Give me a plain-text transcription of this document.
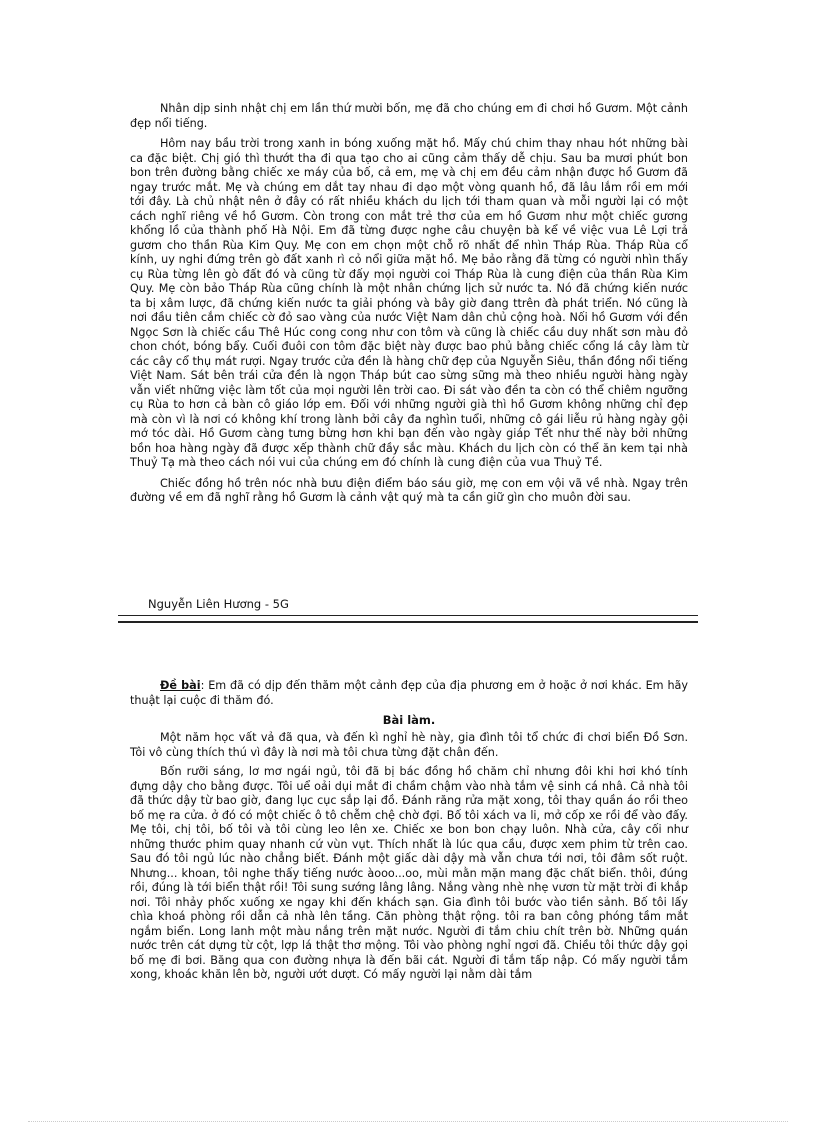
Nhân dịp sinh nhật chị em lần thứ mười bốn, mẹ đã cho chúng em đi chơi hồ Gươm. Một cảnh đẹp nổi tiếng.

Hôm nay bầu trời trong xanh in bóng xuống mặt hồ. Mấy chú chim thay nhau hót những bài ca đặc biệt. Chị gió thì thướt tha đi qua tạo cho ai cũng cảm thấy dễ chịu. Sau ba mươi phút bon bon trên đường bằng chiếc xe máy của bố, cả em, mẹ và chị em đều cảm nhận được hồ Gươm đã ngay trước mắt. Mẹ và chúng em dắt tay nhau đi dạo một vòng quanh hồ, đã lâu lắm rồi em mới tới đây. Là chủ nhật nên ở đây có rất nhiều khách du lịch tới tham quan và mỗi người lại có một cách nghĩ riêng về hồ Gươm. Còn trong con mắt trẻ thơ của em hồ Gươm như một chiếc gương khổng lồ của thành phố Hà Nội. Em đã từng được nghe câu chuyện bà kể về việc vua Lê Lợi trả gươm cho thần Rùa Kim Quy. Mẹ con em chọn một chỗ rõ nhất để nhìn Tháp Rùa. Tháp Rùa cổ kính, uy nghi đứng trên gò đất xanh rì cỏ nổi giữa mặt hồ. Mẹ bảo rằng đã từng có người nhìn thấy cụ Rùa từng lên gò đất đó và cũng từ đấy mọi người coi Tháp Rùa là cung điện của thần Rùa Kim Quy. Mẹ còn bảo Tháp Rùa cũng chính là một nhân chứng lịch sử nước ta. Nó đã chứng kiến nước ta bị xâm lược, đã chứng kiến nước ta giải phóng và bây giờ đang ttrên đà phát triển. Nó cũng là nơi đầu tiên cắm chiếc cờ đỏ sao vàng của nước Việt Nam dân chủ cộng hoà. Nối hồ Gươm với đền Ngọc Sơn là chiếc cầu Thê Húc cong cong như con tôm và cũng là chiếc cầu duy nhất sơn màu đỏ chon chót, bóng bẩy. Cuối đuôi con tôm đặc biệt này được bao phủ bằng chiếc cổng lá cây làm từ các cây cổ thụ mát rượi. Ngay trước cửa đền là hàng chữ đẹp của Nguyễn Siêu, thần đồng nổi tiếng Việt Nam. Sát bên trái cửa đền là ngọn Tháp bút cao sừng sững mà theo nhiều người hàng ngày vẫn viết những việc làm tốt của mọi người lên trời cao. Đi sát vào đền ta còn có thể chiêm ngưỡng cụ Rùa to hơn cả bàn cô giáo lớp em. Đối với những người già thì hồ Gươm không những chỉ đẹp mà còn vì là nơi có không khí trong lành bởi cây đa nghìn tuổi, những cô gái liễu rủ hàng ngày gội mớ tóc dài. Hồ Gươm càng tưng bừng hơn khi bạn đến vào ngày giáp Tết như thế này bởi những bồn hoa hàng ngày đã được xếp thành chữ đầy sắc màu. Khách du lịch còn có thể ăn kem tại nhà Thuỷ Tạ mà theo cách nói vui của chúng em đó chính là cung điện của vua Thuỷ Tề.

Chiếc đồng hồ trên nóc nhà bưu điện điểm báo sáu giờ, mẹ con em vội vã về nhà. Ngay trên đường về em đã nghĩ rằng hồ Gươm là cảnh vật quý mà ta cần giữ gìn cho muôn đời sau.

Nguyễn Liên Hương - 5G

Đề bài: Em đã có dịp đến thăm một cảnh đẹp của địa phương em ở hoặc ở nơi khác. Em hãy thuật lại cuộc đi thăm đó.

Bài làm.

Một năm học vất vả đã qua, và đến kì nghỉ hè này, gia đình tôi tổ chức đi chơi biển Đồ Sơn. Tôi vô cùng thích thú vì đây là nơi mà tôi chưa từng đặt chân đến.

Bốn rưỡi sáng, lơ mơ ngái ngủ, tôi đã bị bác đồng hồ chăm chỉ nhưng đôi khi hơi khó tính đựng dậy cho bằng được. Tôi uể oải dụi mắt đi chầm chậm vào nhà tắm vệ sinh cá nhâ. Cả nhà tôi đã thức dậy từ bao giờ, đang lục cục sắp lại đồ. Đánh răng rửa mặt xong, tôi thay quần áo rồi theo bố mẹ ra cửa. ở đó có một chiếc ô tô chễm chệ chờ đợi. Bố tôi xách va li, mở cốp xe rồi để vào đấy. Mẹ tôi, chị tôi, bố tôi và tôi cùng leo lên xe. Chiếc xe bon bon chạy luôn. Nhà cửa, cây cối như những thước phim quay nhanh cứ vùn vụt. Thích nhất là lúc qua cầu, được xem phim từ trên cao. Sau đó tôi ngủ lúc nào chẳng biết. Đánh một giấc dài dậy mà vẫn chưa tới nơi, tôi đâm sốt ruột. Nhưng... khoan, tôi nghe thấy tiếng nước àooo...oo, mùi mằn mặn mang đặc chất biển. thôi, đúng rồi, đúng là tới biển thật rồi! Tôi sung sướng lâng lâng. Nắng vàng nhè nhẹ vươn từ mặt trời đi khắp nơi. Tôi nhảy phốc xuống xe ngay khi đến khách sạn. Gia đình tôi bước vào tiền sảnh. Bố tôi lấy chìa khoá phòng rồi dẫn cả nhà lên tầng. Căn phòng thật rộng. tôi ra ban công phóng tầm mắt ngắm biển. Long lanh một màu nắng trên mặt nước. Người đi tắm chiu chít trên bờ. Những quán nước trên cát dựng từ cột, lợp lá thật thơ mộng. Tôi vào phòng nghỉ ngơi đã. Chiều tôi thức dậy gọi bố mẹ đi bơi. Băng qua con đường nhựa là đến bãi cát. Người đi tắm tấp nập. Có mấy người tắm xong, khoác khăn lên bờ, người ướt dượt. Có mấy người lại nằm dài tắm
